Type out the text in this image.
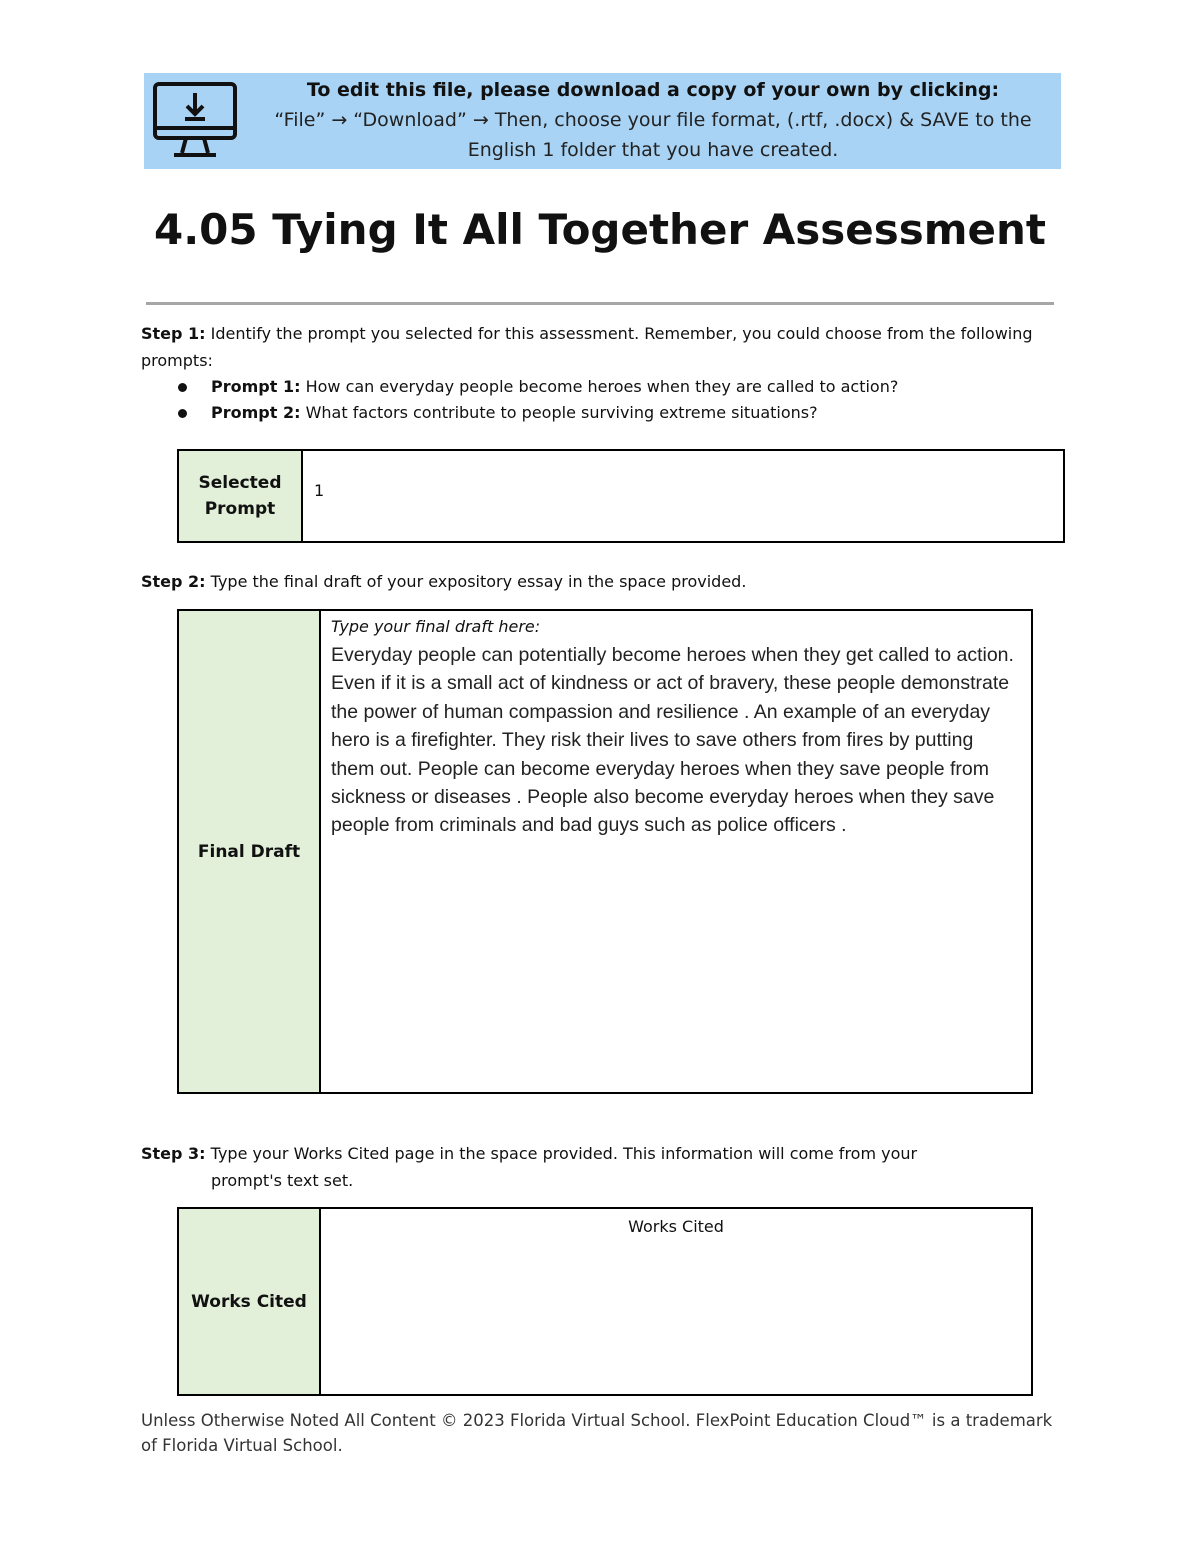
To edit this file, please download a copy of your own by clicking:
“File” → “Download” → Then, choose your file format, (.rtf, .docx) & SAVE to the
English 1 folder that you have created.
4.05 Tying It All Together Assessment
Step 1: Identify the prompt you selected for this assessment. Remember, you could choose from the following prompts:
Prompt 1: How can everyday people become heroes when they are called to action?
Prompt 2: What factors contribute to people surviving extreme situations?
Selected
Prompt
1
Step 2: Type the final draft of your expository essay in the space provided.
Final Draft
Type your final draft here:
Everyday people can potentially become heroes when they get called to action. Even if it is a small act of kindness or act of bravery, these people demonstrate the power of human compassion and resilience . An example of an everyday hero is a firefighter. They risk their lives to save others from fires by putting them out. People can become everyday heroes when they save people from sickness or diseases . People also become everyday heroes when they save people from criminals and bad guys such as police officers .
Step 3: Type your Works Cited page in the space provided. This information will come from your
prompt's text set.
Works Cited
Works Cited
Unless Otherwise Noted All Content © 2023 Florida Virtual School. FlexPoint Education Cloud™ is a trademark of Florida Virtual School.
